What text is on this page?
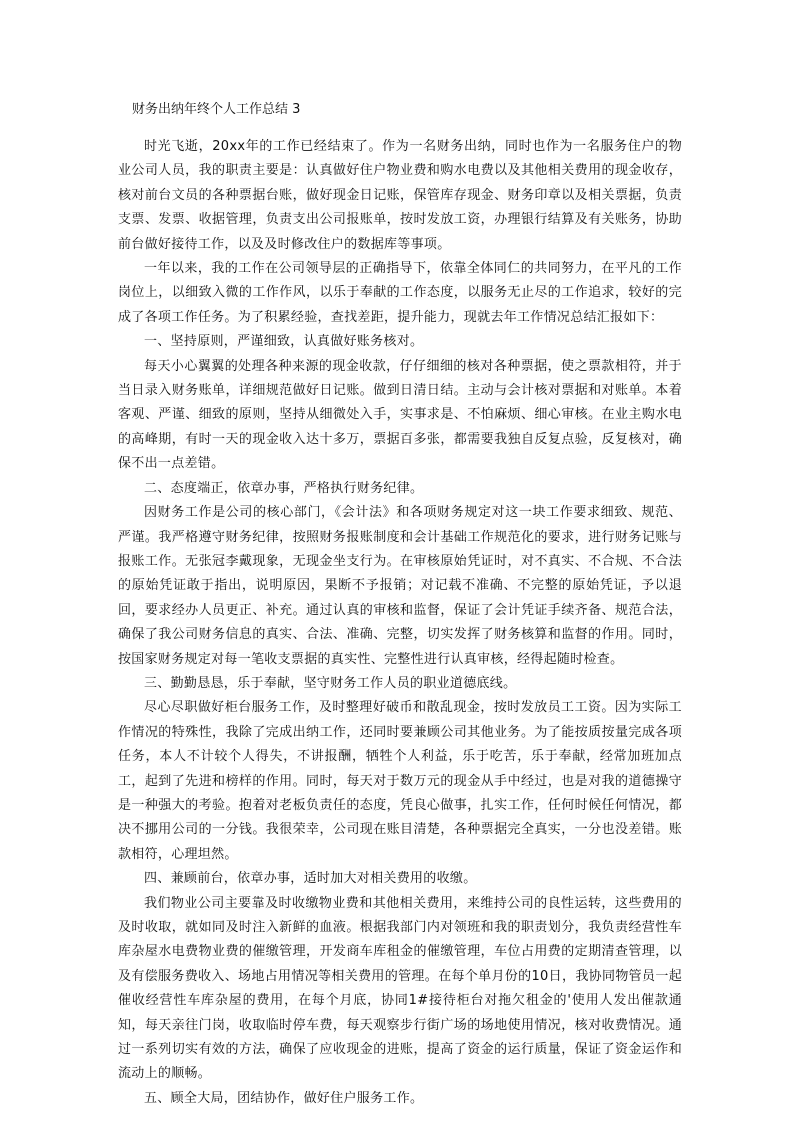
财务出纳年终个人工作总结 3

时光飞逝，20xx年的工作已经结束了。作为一名财务出纳，同时也作为一名服务住户的物业公司人员，我的职责主要是：认真做好住户物业费和购水电费以及其他相关费用的现金收存，核对前台文员的各种票据台账，做好现金日记账，保管库存现金、财务印章以及相关票据，负责支票、发票、收据管理，负责支出公司报账单，按时发放工资，办理银行结算及有关账务，协助前台做好接待工作，以及及时修改住户的数据库等事项。

一年以来，我的工作在公司领导层的正确指导下，依靠全体同仁的共同努力，在平凡的工作岗位上，以细致入微的工作作风，以乐于奉献的工作态度，以服务无止尽的工作追求，较好的完成了各项工作任务。为了积累经验，查找差距，提升能力，现就去年工作情况总结汇报如下：

一、坚持原则，严谨细致，认真做好账务核对。

每天小心翼翼的处理各种来源的现金收款，仔仔细细的核对各种票据，使之票款相符，并于当日录入财务账单，详细规范做好日记账。做到日清日结。主动与会计核对票据和对账单。本着客观、严谨、细致的原则，坚持从细微处入手，实事求是、不怕麻烦、细心审核。在业主购水电的高峰期，有时一天的现金收入达十多万，票据百多张，都需要我独自反复点验，反复核对，确保不出一点差错。

二、态度端正，依章办事，严格执行财务纪律。

因财务工作是公司的核心部门，《会计法》和各项财务规定对这一块工作要求细致、规范、严谨。我严格遵守财务纪律，按照财务报账制度和会计基础工作规范化的要求，进行财务记账与报账工作。无张冠李戴现象，无现金坐支行为。在审核原始凭证时，对不真实、不合规、不合法的原始凭证敢于指出，说明原因，果断不予报销；对记载不准确、不完整的原始凭证，予以退回，要求经办人员更正、补充。通过认真的审核和监督，保证了会计凭证手续齐备、规范合法，确保了我公司财务信息的真实、合法、准确、完整，切实发挥了财务核算和监督的作用。同时，按国家财务规定对每一笔收支票据的真实性、完整性进行认真审核，经得起随时检查。

三、勤勤恳恳，乐于奉献，坚守财务工作人员的职业道德底线。

尽心尽职做好柜台服务工作，及时整理好破币和散乱现金，按时发放员工工资。因为实际工作情况的特殊性，我除了完成出纳工作，还同时要兼顾公司其他业务。为了能按质按量完成各项任务，本人不计较个人得失，不讲报酬，牺牲个人利益，乐于吃苦，乐于奉献，经常加班加点工，起到了先进和榜样的作用。同时，每天对于数万元的现金从手中经过，也是对我的道德操守是一种强大的考验。抱着对老板负责任的态度，凭良心做事，扎实工作，任何时候任何情况，都决不挪用公司的一分钱。我很荣幸，公司现在账目清楚，各种票据完全真实，一分也没差错。账款相符，心理坦然。

四、兼顾前台，依章办事，适时加大对相关费用的收缴。

我们物业公司主要靠及时收缴物业费和其他相关费用，来维持公司的良性运转，这些费用的及时收取，就如同及时注入新鲜的血液。根据我部门内对领班和我的职责划分，我负责经营性车库杂屋水电费物业费的催缴管理，开发商车库租金的催缴管理，车位占用费的定期清查管理，以及有偿服务费收入、场地占用情况等相关费用的管理。在每个单月份的10日，我协同物管员一起催收经营性车库杂屋的费用，在每个月底，协同1#接待柜台对拖欠租金的'使用人发出催款通知，每天亲往门岗，收取临时停车费，每天观察步行街广场的场地使用情况，核对收费情况。通过一系列切实有效的方法，确保了应收现金的进账，提高了资金的运行质量，保证了资金运作和流动上的顺畅。

五、顾全大局，团结协作，做好住户服务工作。
